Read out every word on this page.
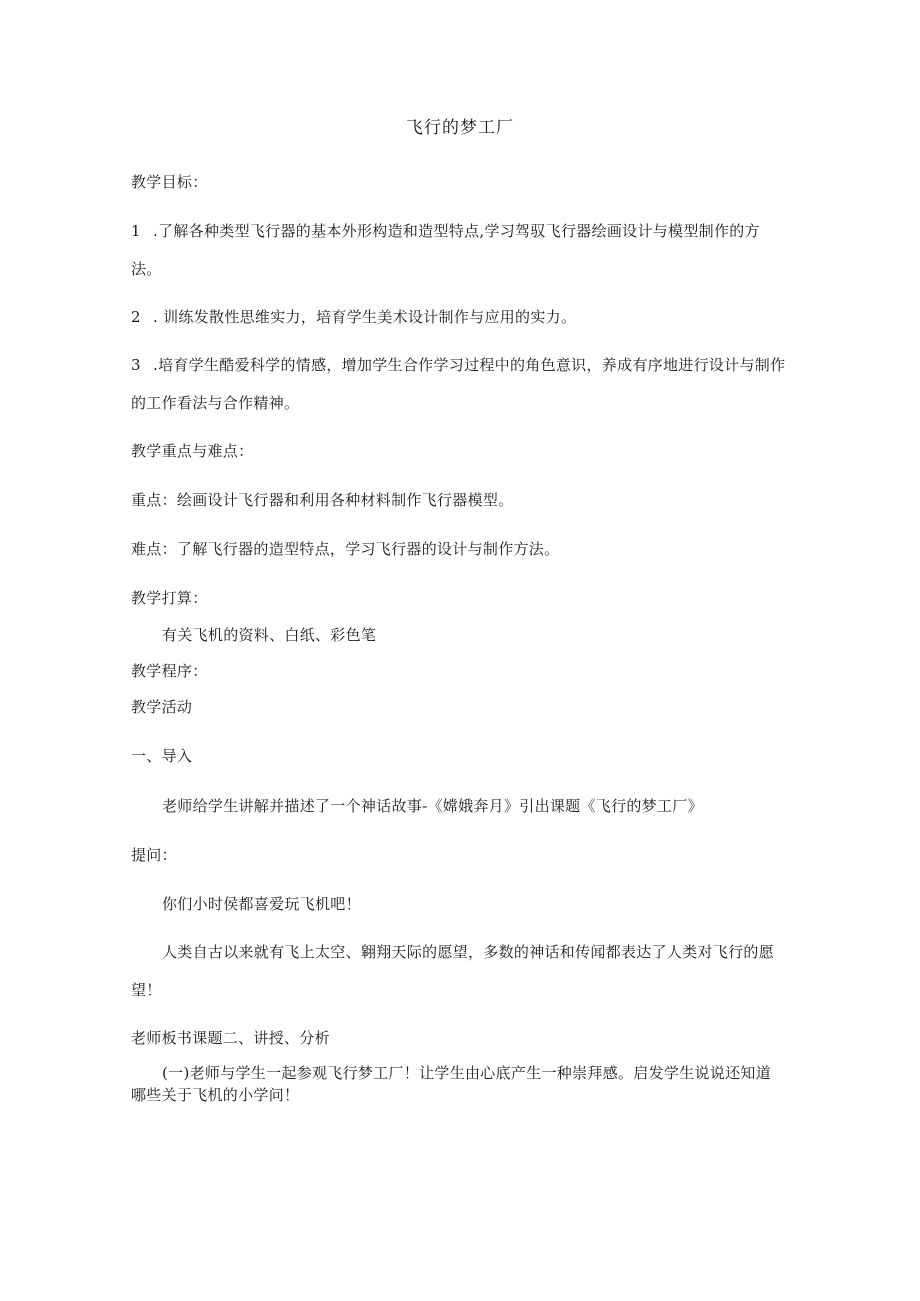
飞行的梦工厂
教学目标：
1 .了解各种类型飞行器的基本外形构造和造型特点,学习驾驭飞行器绘画设计与模型制作的方
法。
2 . 训练发散性思维实力，培育学生美术设计制作与应用的实力。
3 .培育学生酷爱科学的情感，增加学生合作学习过程中的角色意识，养成有序地进行设计与制作
的工作看法与合作精神。
教学重点与难点：
重点：绘画设计飞行器和利用各种材料制作飞行器模型。
难点：了解飞行器的造型特点，学习飞行器的设计与制作方法。
教学打算：
有关飞机的资料、白纸、彩色笔
教学程序：
教学活动
一、导入
老师给学生讲解并描述了一个神话故事-《嫦娥奔月》引出课题《飞行的梦工厂》
提问：
你们小时侯都喜爱玩飞机吧！
人类自古以来就有飞上太空、翱翔天际的愿望，多数的神话和传闻都表达了人类对飞行的愿
望！
老师板书课题二、讲授、分析
(一)老师与学生一起参观飞行梦工厂！让学生由心底产生一种崇拜感。启发学生说说还知道
哪些关于飞机的小学问！
